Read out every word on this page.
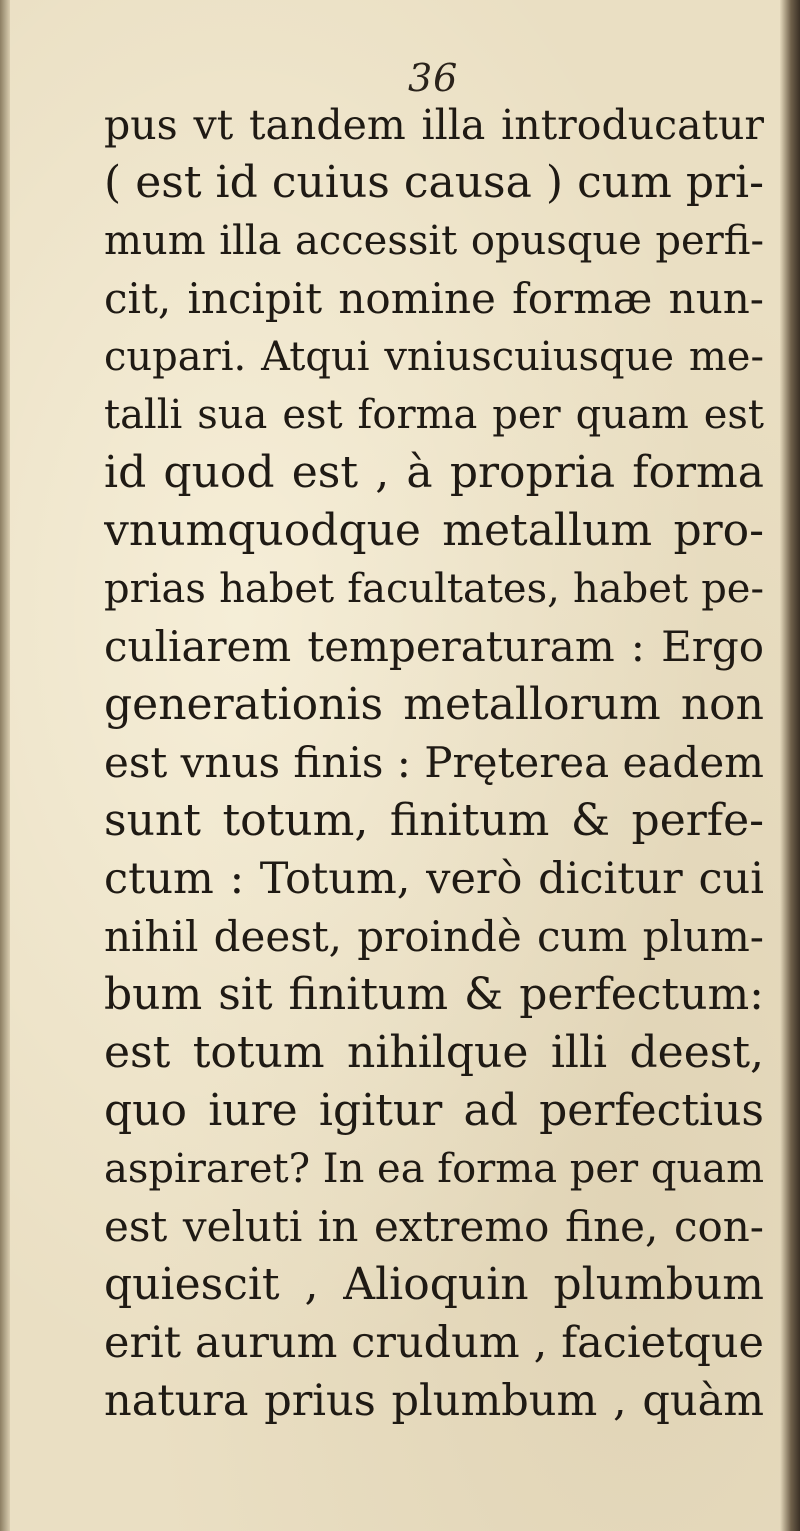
36
pus vt tandem illa introducatur
( est id cuius causa ) cum pri-
mum illa accessit opusque perfi-
cit, incipit nomine formæ nun-
cupari. Atqui vniuscuiusque me-
talli sua est forma per quam est
id quod est , à propria forma
vnumquodque metallum pro-
prias habet facultates, habet pe-
culiarem temperaturam : Ergo
generationis metallorum non
est vnus finis : Pręterea eadem
sunt totum, finitum & perfe-
ctum : Totum, verò dicitur cui
nihil deest, proindè cum plum-
bum sit finitum & perfectum:
est totum nihilque illi deest,
quo iure igitur ad perfectius
aspiraret? In ea forma per quam
est veluti in extremo fine, con-
quiescit , Alioquin plumbum
erit aurum crudum , facietque
natura prius plumbum , quàm
